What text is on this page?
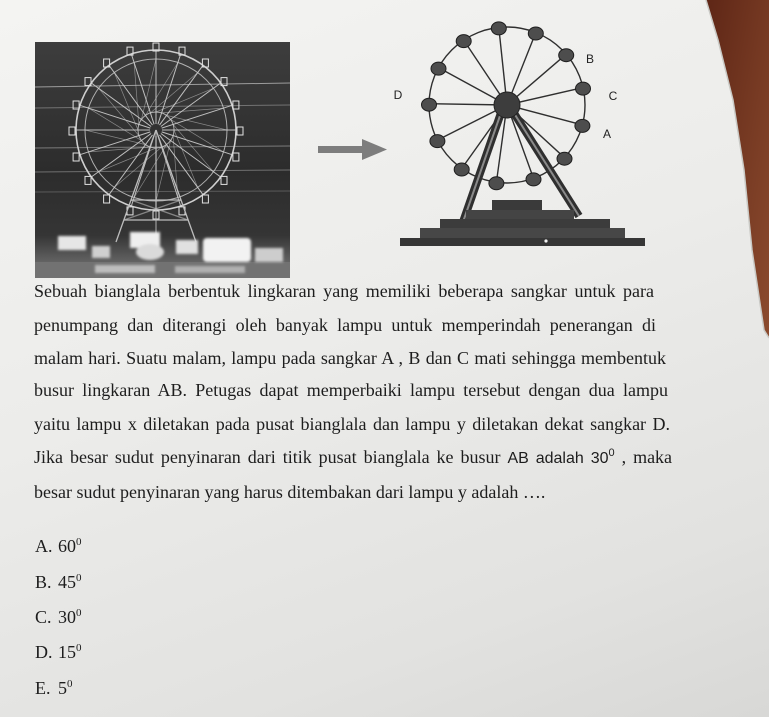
B
C
D
A
Sebuah bianglala berbentuk lingkaran yang memiliki beberapa sangkar untuk para
penumpang dan diterangi oleh banyak lampu untuk memperindah penerangan di
malam hari. Suatu malam, lampu pada sangkar A , B dan C mati sehingga membentuk
busur lingkaran AB. Petugas dapat memperbaiki lampu tersebut dengan dua lampu
yaitu lampu x diletakan pada pusat bianglala dan lampu y diletakan dekat sangkar D.
Jika besar sudut penyinaran dari titik pusat bianglala ke busur AB adalah $30^0$ , maka
besar sudut penyinaran yang harus ditembakan dari lampu y adalah ….
A. $60^0$
B. $45^0$
C. $30^0$
D. $15^0$
E. $5^0$
